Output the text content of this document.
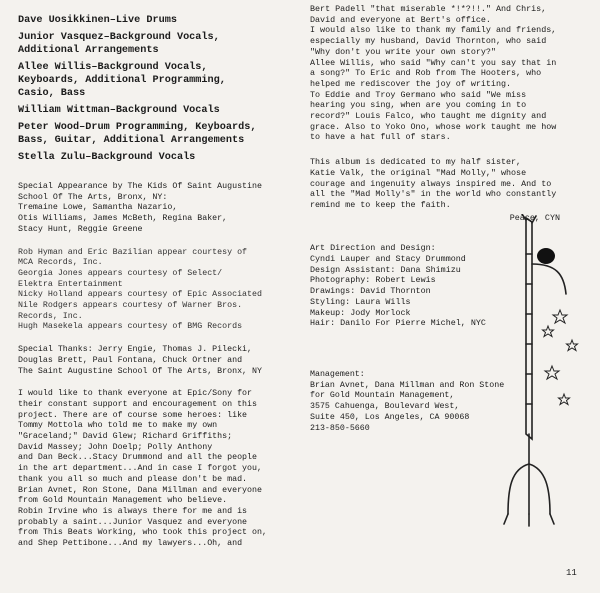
Dave Uosikkinen–Live Drums
Junior Vasquez–Background Vocals,
Additional Arrangements
Allee Willis–Background Vocals,
Keyboards, Additional Programming,
Casio, Bass
William Wittman–Background Vocals
Peter Wood–Drum Programming, Keyboards,
Bass, Guitar, Additional Arrangements
Stella Zulu–Background Vocals

Special Appearance by The Kids Of Saint Augustine
School Of The Arts, Bronx, NY:
Tremaine Lowe, Samantha Nazario,
Otis Williams, James McBeth, Regina Baker,
Stacy Hunt, Reggie Greene

Rob Hyman and Eric Bazilian appear courtesy of
MCA Records, Inc.
Georgia Jones appears courtesy of Select/
Elektra Entertainment
Nicky Holland appears courtesy of Epic Associated
Nile Rodgers appears courtesy of Warner Bros.
Records, Inc.
Hugh Masekela appears courtesy of BMG Records

Special Thanks: Jerry Engie, Thomas J. Pilecki,
Douglas Brett, Paul Fontana, Chuck Ortner and
The Saint Augustine School Of The Arts, Bronx, NY

I would like to thank everyone at Epic/Sony for
their constant support and encouragement on this
project. There are of course some heroes: like
Tommy Mottola who told me to make my own
"Graceland;" David Glew; Richard Griffiths;
David Massey; John Doelp; Polly Anthony
and Dan Beck...Stacy Drummond and all the people
in the art department...And in case I forgot you,
thank you all so much and please don't be mad.
Brian Avnet, Ron Stone, Dana Millman and everyone
from Gold Mountain Management who believe.
Robin Irvine who is always there for me and is
probably a saint...Junior Vasquez and everyone
from This Beats Working, who took this project on,
and Shep Pettibone...And my lawyers...Oh, and

Bert Padell "that miserable *!*?!!." And Chris,
David and everyone at Bert's office.
I would also like to thank my family and friends,
especially my husband, David Thornton, who said
"Why don't you write your own story?"
Allee Willis, who said "Why can't you say that in
a song?" To Eric and Rob from The Hooters, who
helped me rediscover the joy of writing.
To Eddie and Troy Germano who said "We miss
hearing you sing, when are you coming in to
record?" Louis Falco, who taught me dignity and
grace. Also to Yoko Ono, whose work taught me how
to have a hat full of stars.

This album is dedicated to my half sister,
Katie Valk, the original "Mad Molly," whose
courage and ingenuity always inspired me. And to
all the "Mad Molly's" in the world who constantly
remind me to keep the faith.

Peace, CYN

Art Direction and Design:
Cyndi Lauper and Stacy Drummond
Design Assistant: Dana Shimizu
Photography: Robert Lewis
Drawings: David Thornton
Styling: Laura Wills
Makeup: Jody Morlock
Hair: Danilo For Pierre Michel, NYC

Management:
Brian Avnet, Dana Millman and Ron Stone
for Gold Mountain Management,
3575 Cahuenga, Boulevard West,
Suite 450, Los Angeles, CA 90068
213-850-5660

11
